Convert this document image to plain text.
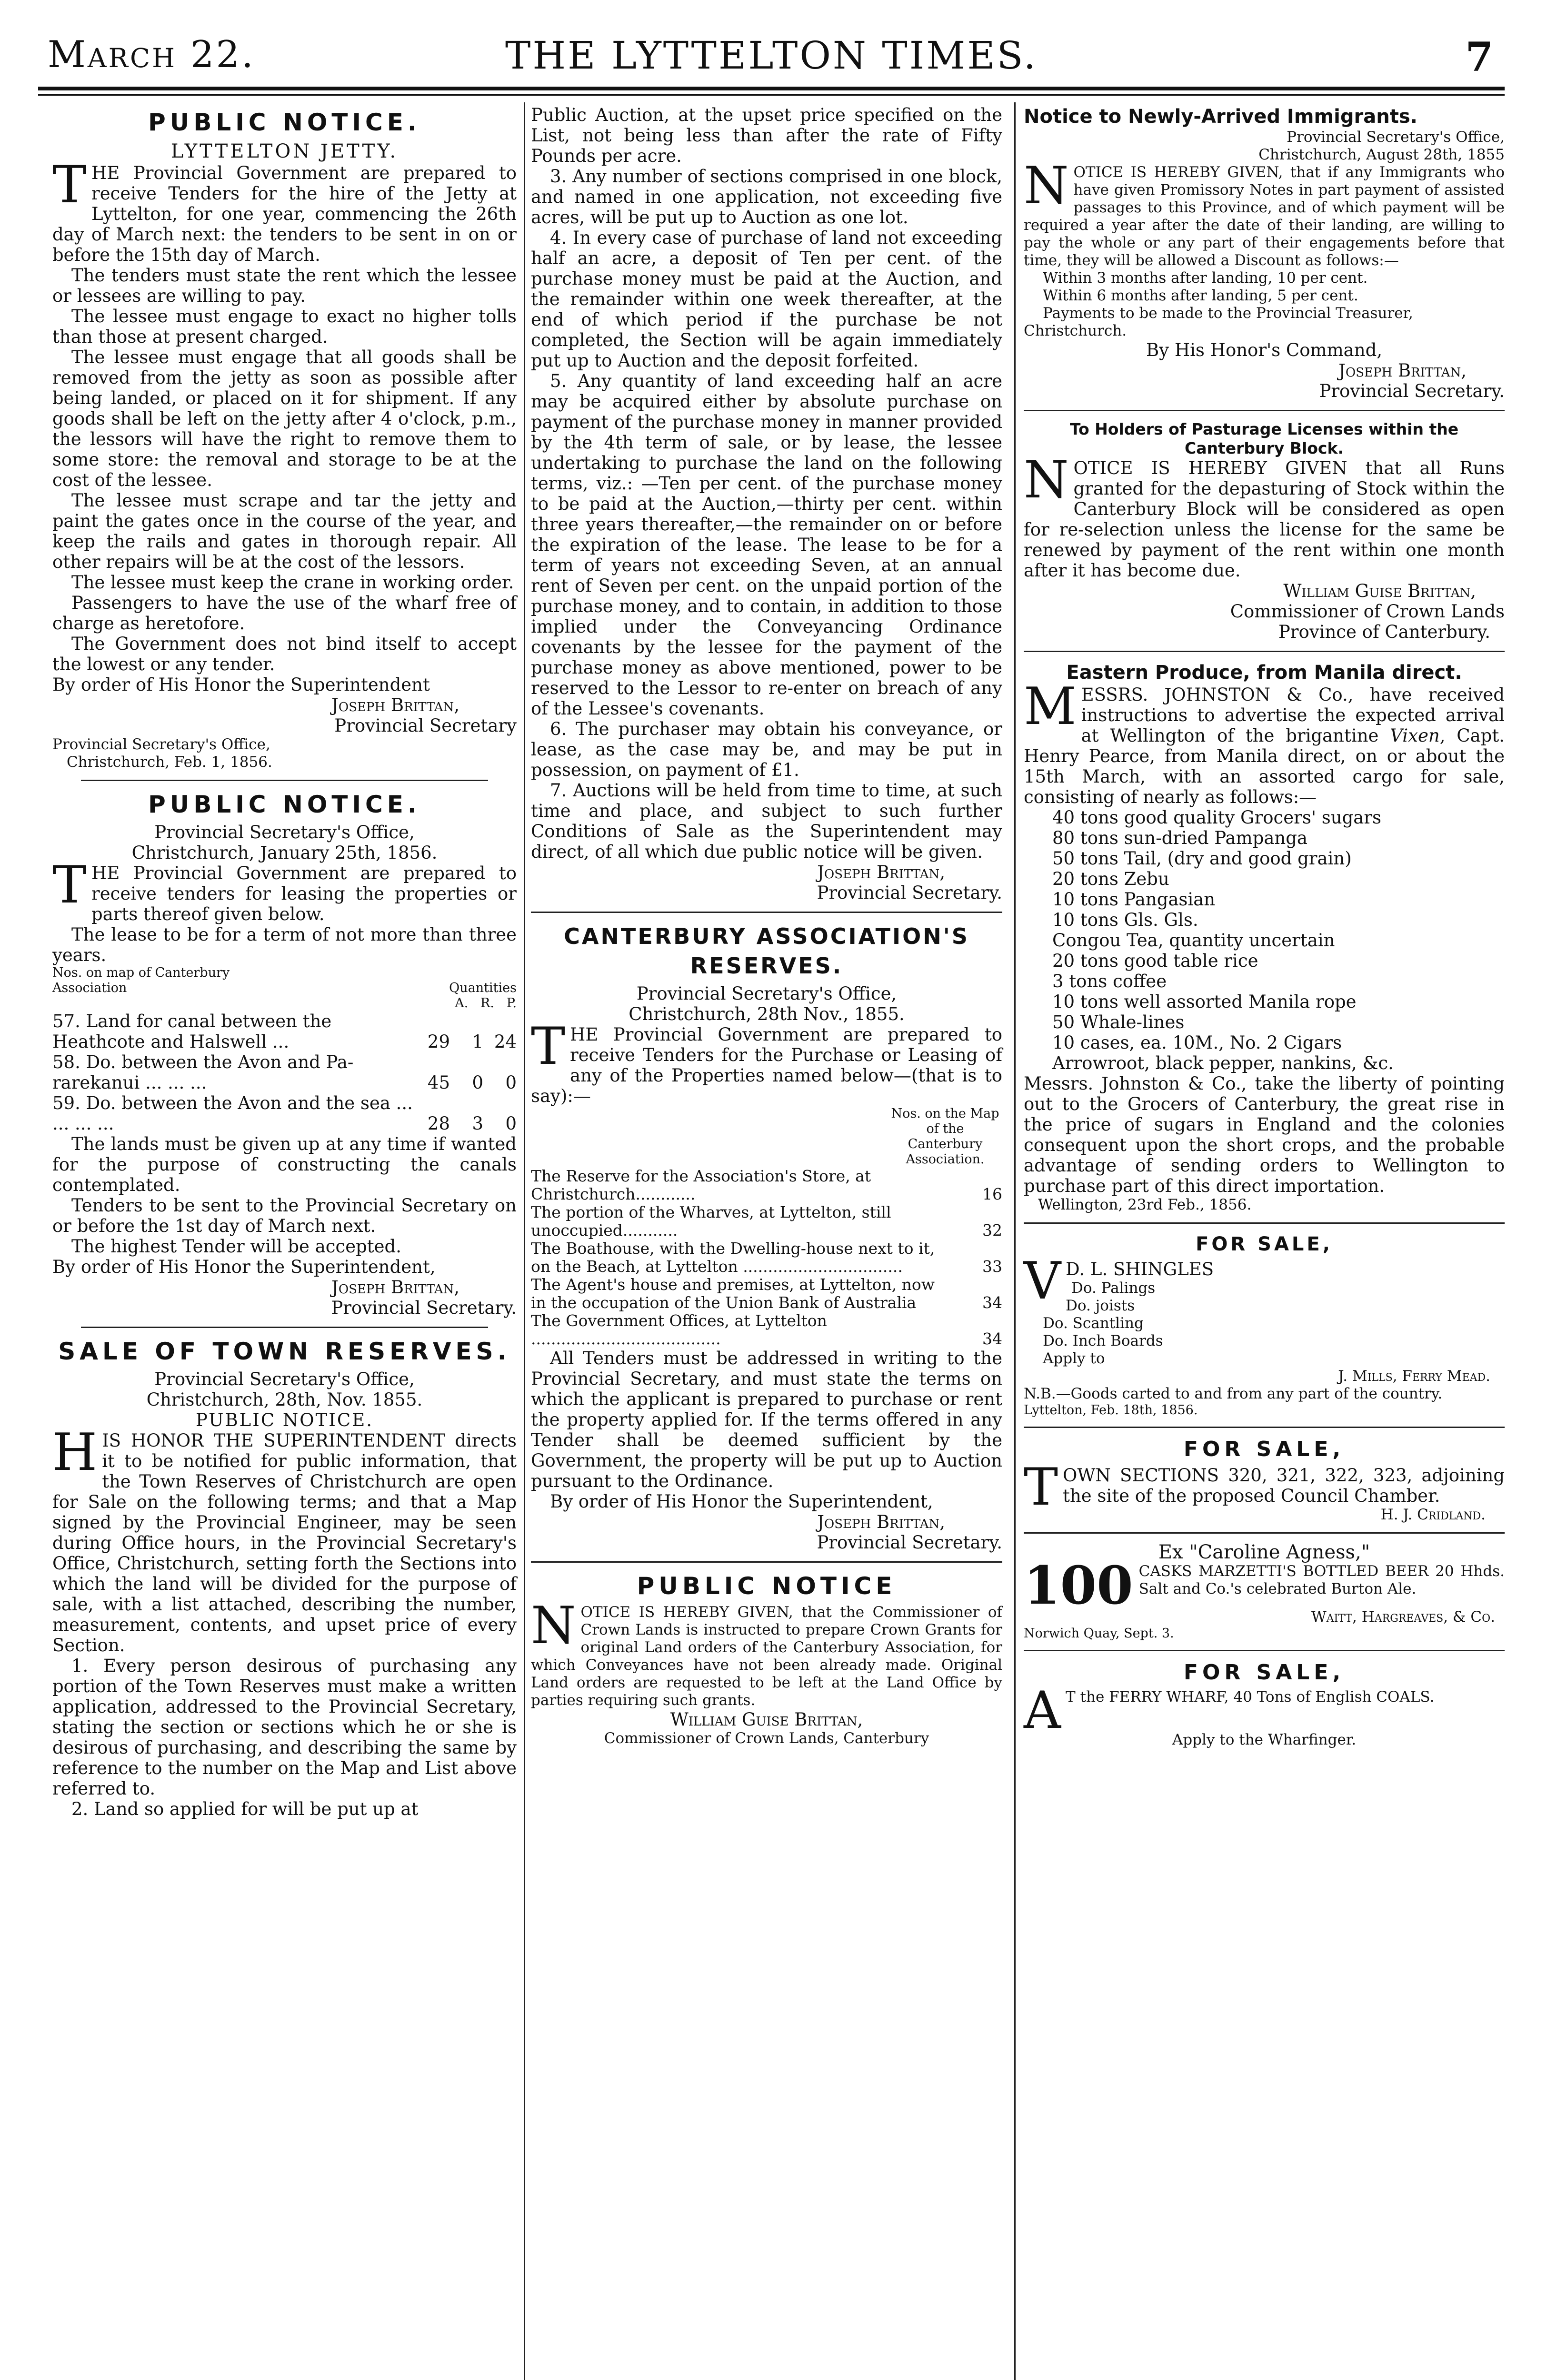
March 22.	THE LYTTELTON TIMES.	7
PUBLIC NOTICE.
LYTTELTON JETTY.

THE Provincial Government are prepared to receive Tenders for the hire of the Jetty at Lyttelton, for one year, commencing the 26th day of March next: the tenders to be sent in on or before the 15th day of March.

The tenders must state the rent which the lessee or lessees are willing to pay.

The lessee must engage to exact no higher tolls than those at present charged.

The lessee must engage that all goods shall be removed from the jetty as soon as possible after being landed, or placed on it for shipment. If any goods shall be left on the jetty after 4 o'clock, p.m., the lessors will have the right to remove them to some store: the removal and storage to be at the cost of the lessee.

The lessee must scrape and tar the jetty and paint the gates once in the course of the year, and keep the rails and gates in thorough repair. All other repairs will be at the cost of the lessors.

The lessee must keep the crane in working order.

Passengers to have the use of the wharf free of charge as heretofore.

The Government does not bind itself to accept the lowest or any tender.

By order of His Honor the Superintendent

Joseph Brittan,

Provincial Secretary

Provincial Secretary's Office,

Christchurch, Feb. 1, 1856.

PUBLIC NOTICE.

Provincial Secretary's Office,

Christchurch, January 25th, 1856.

THE Provincial Government are prepared to receive tenders for leasing the properties or parts thereof given below.

The lease to be for a term of not more than three years.

Nos. on map of Canterbury Association	Quantities
A. R. P.
57. Land for canal between the Heathcote and Halswell ...	29	1	24
58. Do. between the Avon and Pa-rarekanui ... ... ...	45	0	0
59. Do. between the Avon and the sea ... ... ... ...	28	3	0

The lands must be given up at any time if wanted for the purpose of constructing the canals contemplated.

Tenders to be sent to the Provincial Secretary on or before the 1st day of March next.

The highest Tender will be accepted.

By order of His Honor the Superintendent,

Joseph Brittan,

Provincial Secretary.

SALE OF TOWN RESERVES.

Provincial Secretary's Office,

Christchurch, 28th, Nov. 1855.

PUBLIC NOTICE.

HIS HONOR THE SUPERINTENDENT directs it to be notified for public information, that the Town Reserves of Christchurch are open for Sale on the following terms; and that a Map signed by the Provincial Engineer, may be seen during Office hours, in the Provincial Secretary's Office, Christchurch, setting forth the Sections into which the land will be divided for the purpose of sale, with a list attached, describing the number, measurement, contents, and upset price of every Section.

1. Every person desirous of purchasing any portion of the Town Reserves must make a written application, addressed to the Provincial Secretary, stating the section or sections which he or she is desirous of purchasing, and describing the same by reference to the number on the Map and List above referred to.

2. Land so applied for will be put up at

Public Auction, at the upset price specified on the List, not being less than after the rate of Fifty Pounds per acre.

3. Any number of sections comprised in one block, and named in one application, not exceeding five acres, will be put up to Auction as one lot.

4. In every case of purchase of land not exceeding half an acre, a deposit of Ten per cent. of the purchase money must be paid at the Auction, and the remainder within one week thereafter, at the end of which period if the purchase be not completed, the Section will be again immediately put up to Auction and the deposit forfeited.

5. Any quantity of land exceeding half an acre may be acquired either by absolute purchase on payment of the purchase money in manner provided by the 4th term of sale, or by lease, the lessee undertaking to purchase the land on the following terms, viz.: —Ten per cent. of the purchase money to be paid at the Auction,—thirty per cent. within three years thereafter,—the remainder on or before the expiration of the lease. The lease to be for a term of years not exceeding Seven, at an annual rent of Seven per cent. on the unpaid portion of the purchase money, and to contain, in addition to those implied under the Conveyancing Ordinance covenants by the lessee for the payment of the purchase money as above mentioned, power to be reserved to the Lessor to re-enter on breach of any of the Lessee's covenants.

6. The purchaser may obtain his conveyance, or lease, as the case may be, and may be put in possession, on payment of £1.

7. Auctions will be held from time to time, at such time and place, and subject to such further Conditions of Sale as the Superintendent may direct, of all which due public notice will be given.

Joseph Brittan,

Provincial Secretary.

CANTERBURY ASSOCIATION'S RESERVES.

Provincial Secretary's Office,

Christchurch, 28th Nov., 1855.

THE Provincial Government are prepared to receive Tenders for the Purchase or Leasing of any of the Properties named below—(that is to say):—

Nos. on the Map of the Canterbury Association.

The Reserve for the Association's Store, at Christchurch............	16
The portion of the Wharves, at Lyttelton, still unoccupied...........	32
The Boathouse, with the Dwelling-house next to it, on the Beach, at Lyttelton ................................	33
The Agent's house and premises, at Lyttelton, now in the occupation of the Union Bank of Australia	34
The Government Offices, at Lyttelton ......................................	34

All Tenders must be addressed in writing to the Provincial Secretary, and must state the terms on which the applicant is prepared to purchase or rent the property applied for. If the terms offered in any Tender shall be deemed sufficient by the Government, the property will be put up to Auction pursuant to the Ordinance.

By order of His Honor the Superintendent,

Joseph Brittan,

Provincial Secretary.

PUBLIC NOTICE

NOTICE IS HEREBY GIVEN, that the Commissioner of Crown Lands is instructed to prepare Crown Grants for original Land orders of the Canterbury Association, for which Conveyances have not been already made. Original Land orders are requested to be left at the Land Office by parties requiring such grants.

William Guise Brittan,

Commissioner of Crown Lands, Canterbury

Notice to Newly-Arrived Immigrants.

Provincial Secretary's Office,

Christchurch, August 28th, 1855

NOTICE IS HEREBY GIVEN, that if any Immigrants who have given Promissory Notes in part payment of assisted passages to this Province, and of which payment will be required a year after the date of their landing, are willing to pay the whole or any part of their engagements before that time, they will be allowed a Discount as follows:—

Within 3 months after landing, 10 per cent.

Within 6 months after landing, 5 per cent.

Payments to be made to the Provincial Treasurer, Christchurch.

By His Honor's Command,

Joseph Brittan,

Provincial Secretary.

To Holders of Pasturage Licenses within the Canterbury Block.

NOTICE IS HEREBY GIVEN that all Runs granted for the depasturing of Stock within the Canterbury Block will be considered as open for re-selection unless the license for the same be renewed by payment of the rent within one month after it has become due.

William Guise Brittan,

Commissioner of Crown Lands

Province of Canterbury.

Eastern Produce, from Manila direct.

MESSRS. JOHNSTON & Co., have received instructions to advertise the expected arrival at Wellington of the brigantine Vixen, Capt. Henry Pearce, from Manila direct, on or about the 15th March, with an assorted cargo for sale, consisting of nearly as follows:—

40 tons good quality Grocers' sugars

80 tons sun-dried Pampanga

50 tons Tail, (dry and good grain)

20 tons Zebu

10 tons Pangasian

10 tons Gls. Gls.

Congou Tea, quantity uncertain

20 tons good table rice

3 tons coffee

10 tons well assorted Manila rope

50 Whale-lines

10 cases, ea. 10M., No. 2 Cigars

Arrowroot, black pepper, nankins, &c.

Messrs. Johnston & Co., take the liberty of pointing out to the Grocers of Canterbury, the great rise in the price of sugars in England and the colonies consequent upon the short crops, and the probable advantage of sending orders to Wellington to purchase part of this direct importation.

Wellington, 23rd Feb., 1856.

FOR SALE,

V D. L. SHINGLES

Do. Palings

Do. joists

Do. Scantling

Do. Inch Boards

Apply to

J. Mills, Ferry Mead.

N.B.—Goods carted to and from any part of the country.

Lyttelton, Feb. 18th, 1856.

FOR SALE,

TOWN SECTIONS 320, 321, 322, 323, adjoining the site of the proposed Council Chamber.

H. J. Cridland.

Ex "Caroline Agness,"

100 CASKS MARZETTI'S BOTTLED BEER 20 Hhds. Salt and Co.'s celebrated Burton Ale.

Waitt, Hargreaves, & Co.

Norwich Quay, Sept. 3.

FOR SALE,

A T the FERRY WHARF, 40 Tons of English COALS.

Apply to the Wharfinger.
